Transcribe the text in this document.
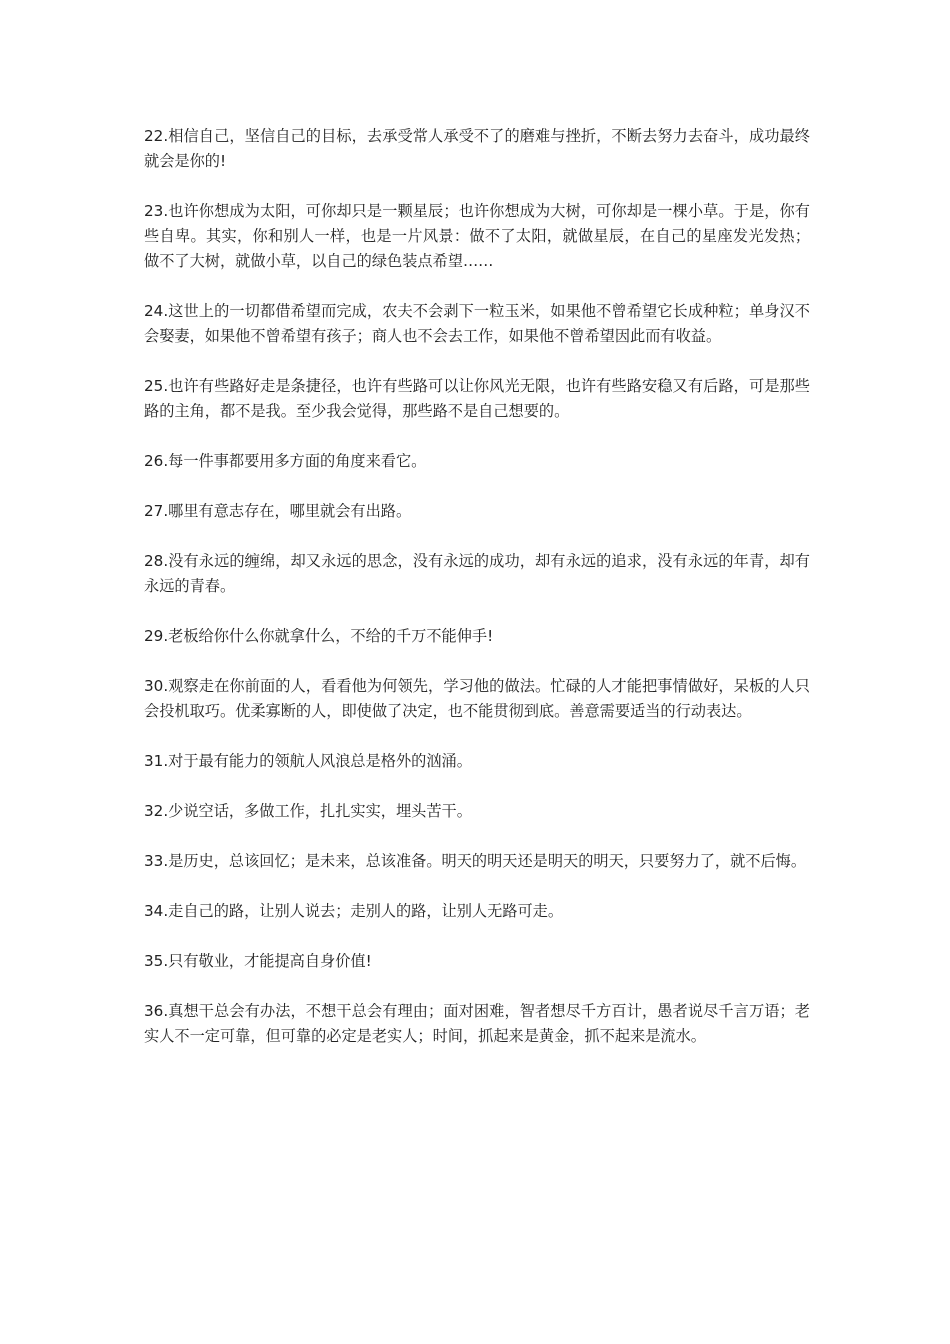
22.相信自己，坚信自己的目标，去承受常人承受不了的磨难与挫折，不断去努力去奋斗，成功最终就会是你的!

23.也许你想成为太阳，可你却只是一颗星辰；也许你想成为大树，可你却是一棵小草。于是，你有些自卑。其实，你和别人一样，也是一片风景：做不了太阳，就做星辰，在自己的星座发光发热；做不了大树，就做小草，以自己的绿色装点希望……

24.这世上的一切都借希望而完成，农夫不会剥下一粒玉米，如果他不曾希望它长成种粒；单身汉不会娶妻，如果他不曾希望有孩子；商人也不会去工作，如果他不曾希望因此而有收益。

25.也许有些路好走是条捷径，也许有些路可以让你风光无限，也许有些路安稳又有后路，可是那些路的主角，都不是我。至少我会觉得，那些路不是自己想要的。

26.每一件事都要用多方面的角度来看它。

27.哪里有意志存在，哪里就会有出路。

28.没有永远的缠绵，却又永远的思念，没有永远的成功，却有永远的追求，没有永远的年青，却有永远的青春。

29.老板给你什么你就拿什么，不给的千万不能伸手!

30.观察走在你前面的人，看看他为何领先，学习他的做法。忙碌的人才能把事情做好，呆板的人只会投机取巧。优柔寡断的人，即使做了决定，也不能贯彻到底。善意需要适当的行动表达。

31.对于最有能力的领航人风浪总是格外的汹涌。

32.少说空话，多做工作，扎扎实实，埋头苦干。

33.是历史，总该回忆；是未来，总该准备。明天的明天还是明天的明天，只要努力了，就不后悔。

34.走自己的路，让别人说去；走别人的路，让别人无路可走。

35.只有敬业，才能提高自身价值!

36.真想干总会有办法，不想干总会有理由；面对困难，智者想尽千方百计，愚者说尽千言万语；老实人不一定可靠，但可靠的必定是老实人；时间，抓起来是黄金，抓不起来是流水。
